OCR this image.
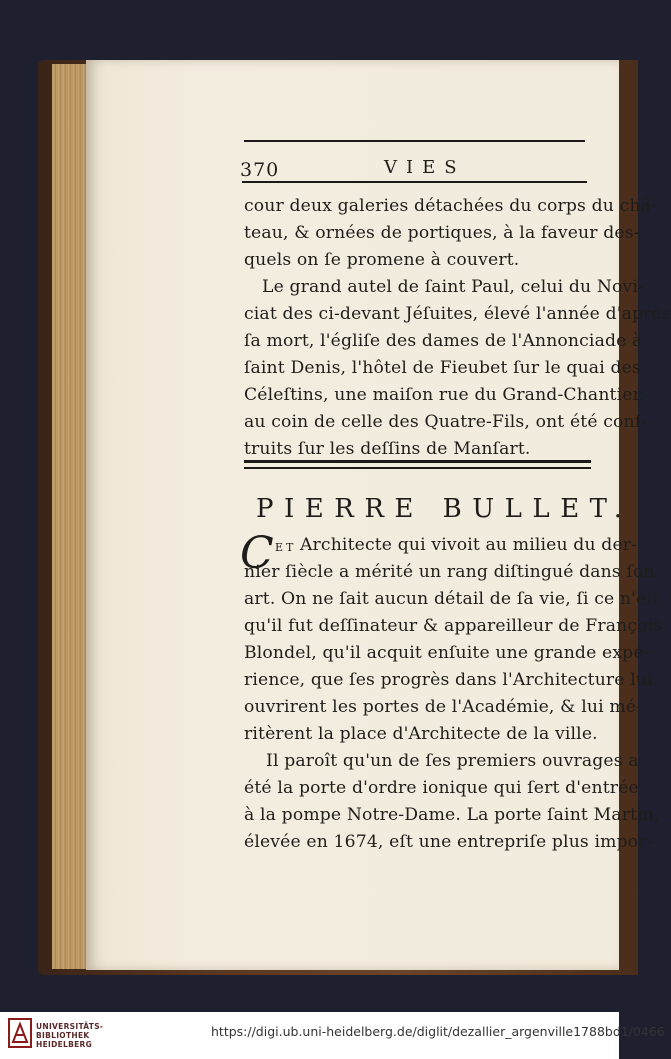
370	VIES
cour deux galeries détachées du corps du châ-
teau, & ornées de portiques, à la faveur des-
quels on ſe promene à couvert.
Le grand autel de ſaint Paul, celui du Novi-
ciat des ci-devant Jéſuites, élevé l'année d'après
ſa mort, l'égliſe des dames de l'Annonciade à
ſaint Denis, l'hôtel de Fieubet ſur le quai des
Céleſtins, une maiſon rue du Grand-Chantier,
au coin de celle des Quatre-Fils, ont été conſ-
truits ſur les deſſins de Manſart.
PIERRE BULLET.
C ET Architecte qui vivoit au milieu du der-
nier ſiècle a mérité un rang diſtingué dans ſon
art. On ne ſait aucun détail de ſa vie, ſi ce n'eſt
qu'il fut deſſinateur & appareilleur de François
Blondel, qu'il acquit enſuite une grande expé-
rience, que ſes progrès dans l'Architecture lui
ouvrirent les portes de l'Académie, & lui mé-
ritèrent la place d'Architecte de la ville.
Il paroît qu'un de ſes premiers ouvrages a
été la porte d'ordre ionique qui ſert d'entrée
à la pompe Notre-Dame. La porte ſaint Martin,
élevée en 1674, eſt une entrepriſe plus impor-
UNIVERSITÄTS-
BIBLIOTHEK
HEIDELBERG
https://digi.ub.uni-heidelberg.de/diglit/dezallier_argenville1788bd1/0466
